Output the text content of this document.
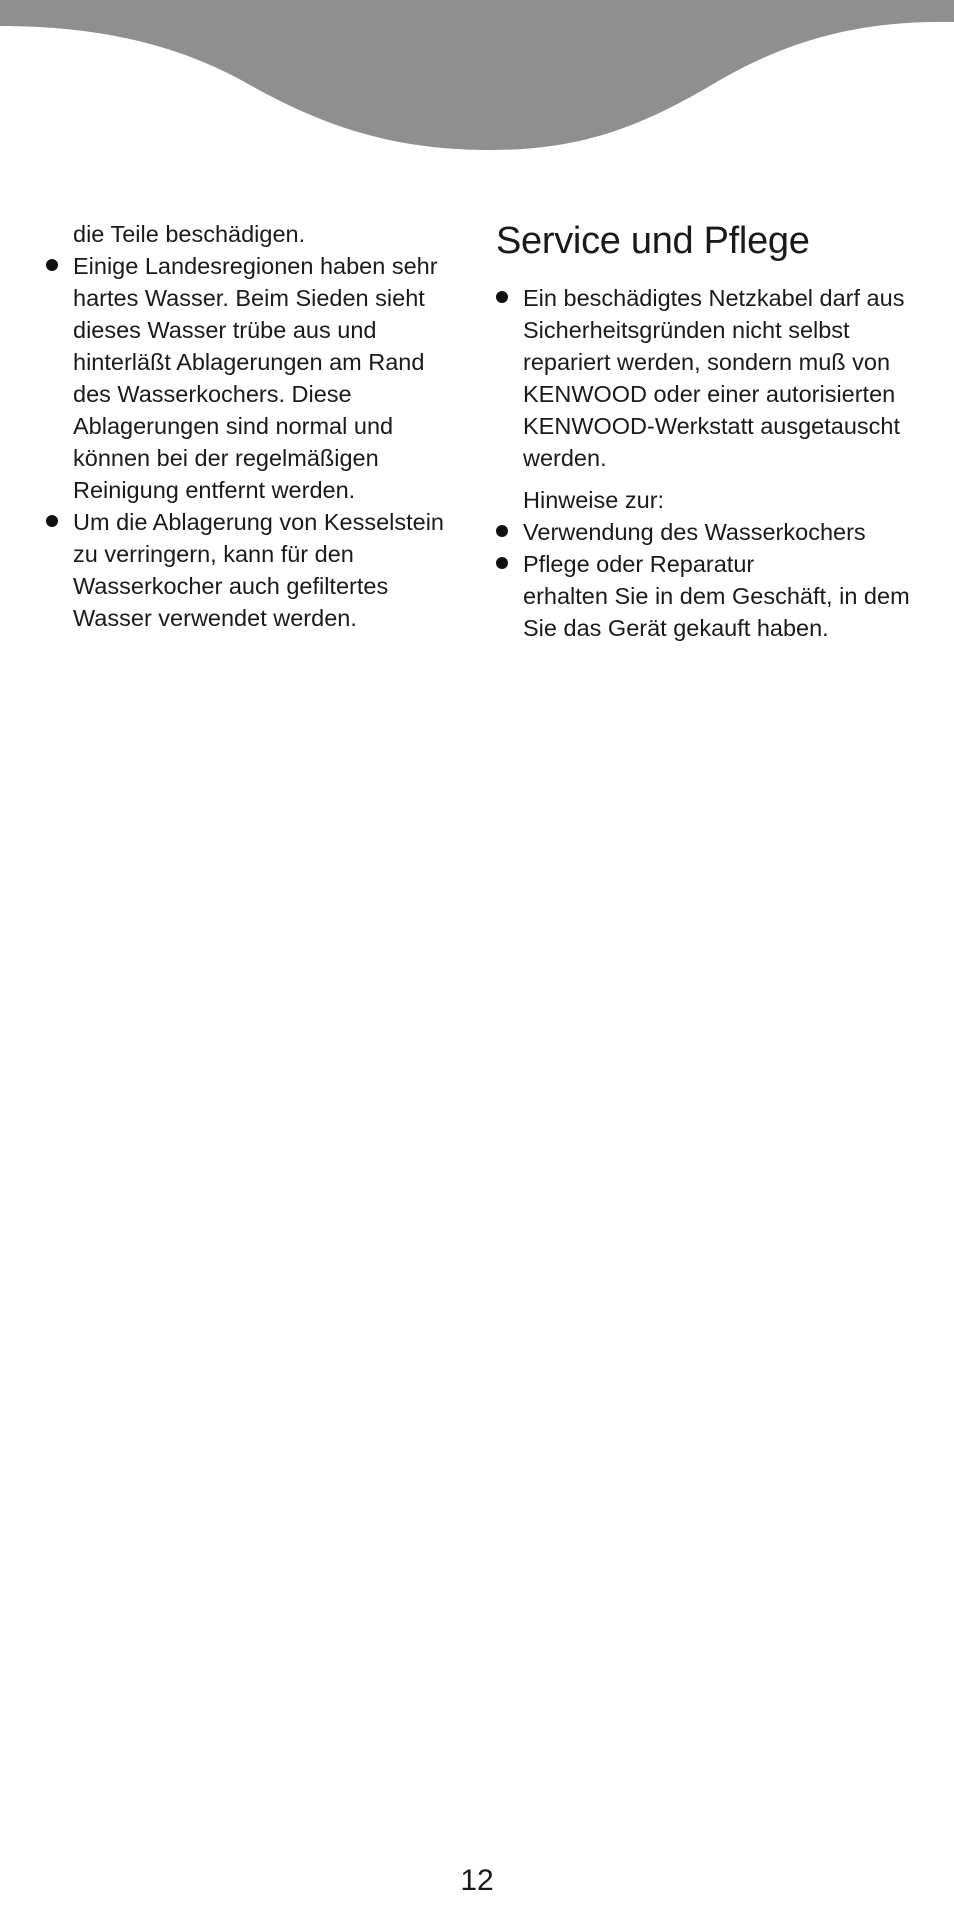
die Teile beschädigen.

Einige Landesregionen haben sehr hartes Wasser. Beim Sieden sieht dieses Wasser trübe aus und hinterläßt Ablagerungen am Rand des Wasserkochers. Diese Ablagerungen sind normal und können bei der regelmäßigen Reinigung entfernt werden.
Um die Ablagerung von Kesselstein zu verringern, kann für den Wasserkocher auch gefiltertes Wasser verwendet werden.
Service und Pflege
Ein beschädigtes Netzkabel darf aus Sicherheitsgründen nicht selbst repariert werden, sondern muß von KENWOOD oder einer autorisierten KENWOOD-Werkstatt ausgetauscht werden.

Hinweise zur:

Verwendung des Wasserkochers
Pflege oder Reparatur

erhalten Sie in dem Geschäft, in dem Sie das Gerät gekauft haben.

12
